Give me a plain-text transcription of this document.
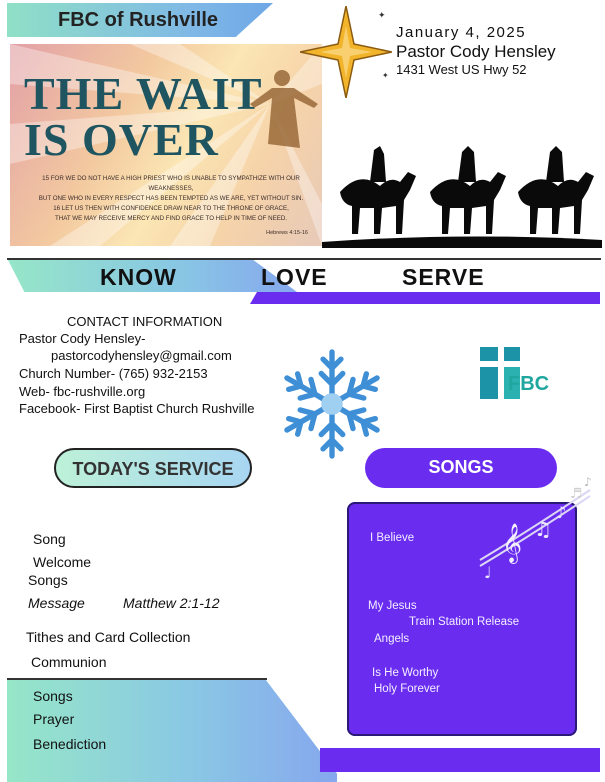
FBC of Rushville
THE WAIT
IS OVER
15 FOR WE DO NOT HAVE A HIGH PRIEST WHO IS UNABLE TO SYMPATHIZE WITH OUR WEAKNESSES,
BUT ONE WHO IN EVERY RESPECT HAS BEEN TEMPTED AS WE ARE, YET WITHOUT SIN.
16 LET US THEN WITH CONFIDENCE DRAW NEAR TO THE THRONE OF GRACE,
THAT WE MAY RECEIVE MERCY AND FIND GRACE TO HELP IN TIME OF NEED.
Hebrews 4:15-16
✦
✦
January 4, 2025
Pastor Cody Hensley
1431 West US Hwy 52
KNOW	LOVE	SERVE
CONTACT INFORMATION
Pastor Cody Hensley-
pastorcodyhensley@gmail.com
Church Number- (765) 932-2153
Web- fbc-rushville.org
Facebook- First Baptist Church Rushville
FBC
TODAY'S SERVICE	SONGS
Song
Welcome
Songs
Message	Matthew 2:1-12
Tithes and Card Collection
Communion
I Believe
My Jesus
Train Station Release
Angels
Is He Worthy
Holy Forever
𝄞 ♫
♪
♩
♬
♪
Songs
Prayer
Benediction
